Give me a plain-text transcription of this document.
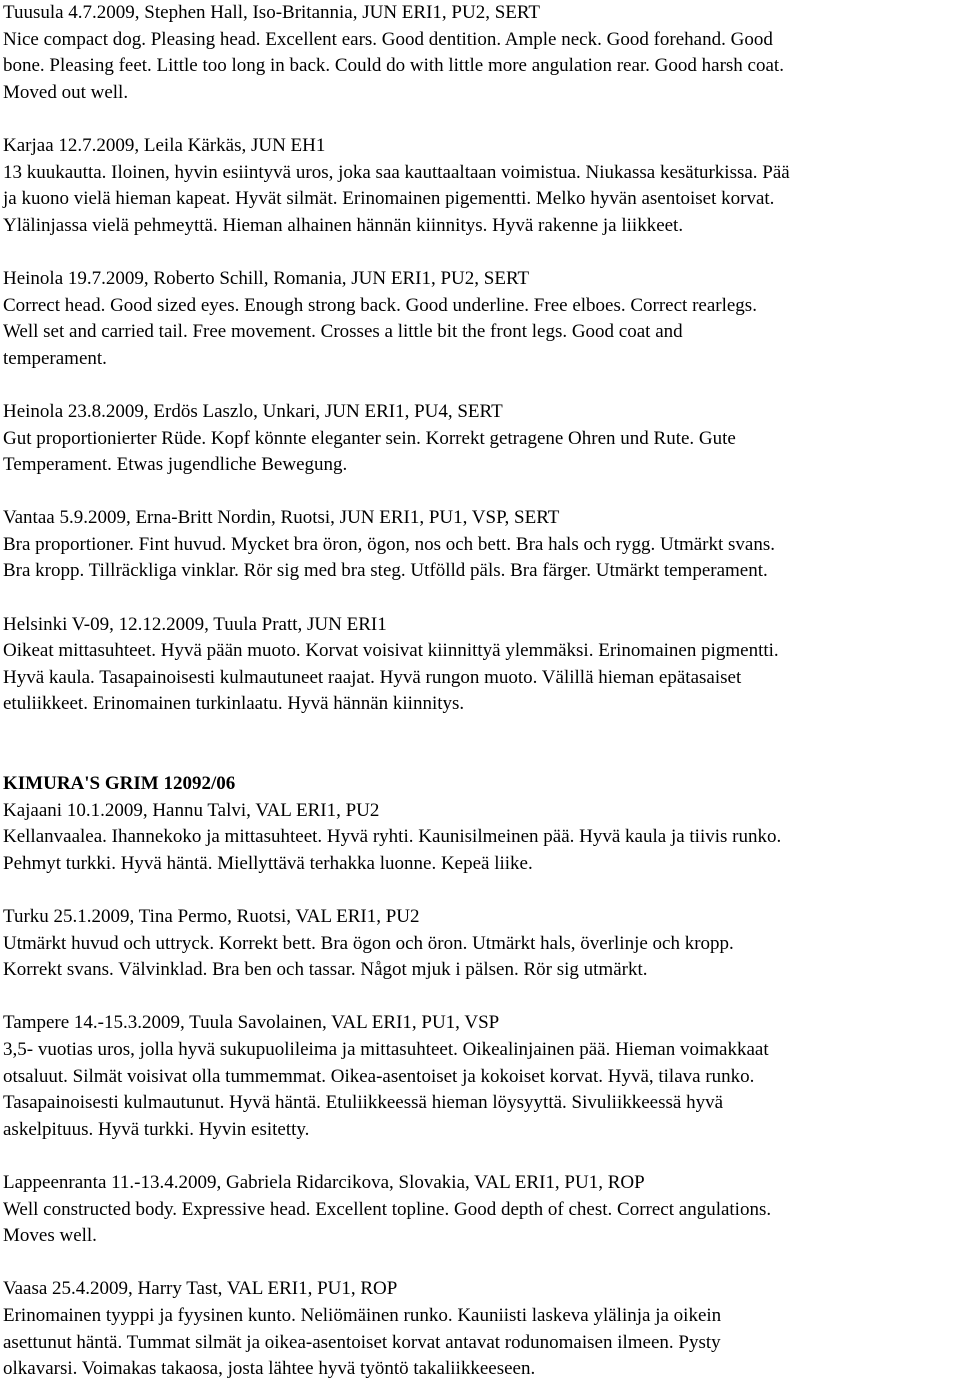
Tuusula 4.7.2009, Stephen Hall, Iso-Britannia, JUN ERI1, PU2, SERT
Nice compact dog. Pleasing head. Excellent ears. Good dentition. Ample neck. Good forehand. Good
bone. Pleasing feet. Little too long in back. Could do with little more angulation rear. Good harsh coat.
Moved out well.
Karjaa 12.7.2009, Leila Kärkäs, JUN EH1
13 kuukautta. Iloinen, hyvin esiintyvä uros, joka saa kauttaaltaan voimistua. Niukassa kesäturkissa. Pää
ja kuono vielä hieman kapeat. Hyvät silmät. Erinomainen pigementti. Melko hyvän asentoiset korvat.
Ylälinjassa vielä pehmeyttä. Hieman alhainen hännän kiinnitys. Hyvä rakenne ja liikkeet.
Heinola 19.7.2009, Roberto Schill, Romania, JUN ERI1, PU2, SERT
Correct head. Good sized eyes. Enough strong back. Good underline. Free elboes. Correct rearlegs.
Well set and carried tail. Free movement. Crosses a little bit the front legs. Good coat and
temperament.
Heinola 23.8.2009, Erdös Laszlo, Unkari, JUN ERI1, PU4, SERT
Gut proportionierter Rüde. Kopf könnte eleganter sein. Korrekt getragene Ohren und Rute. Gute
Temperament. Etwas jugendliche Bewegung.
Vantaa 5.9.2009, Erna-Britt Nordin, Ruotsi, JUN ERI1, PU1, VSP, SERT
Bra proportioner. Fint huvud. Mycket bra öron, ögon, nos och bett. Bra hals och rygg. Utmärkt svans.
Bra kropp. Tillräckliga vinklar. Rör sig med bra steg. Utfölld päls. Bra färger. Utmärkt temperament.
Helsinki V-09, 12.12.2009, Tuula Pratt, JUN ERI1
Oikeat mittasuhteet. Hyvä pään muoto. Korvat voisivat kiinnittyä ylemmäksi. Erinomainen pigmentti.
Hyvä kaula. Tasapainoisesti kulmautuneet raajat. Hyvä rungon muoto. Välillä hieman epätasaiset
etuliikkeet. Erinomainen turkinlaatu. Hyvä hännän kiinnitys.
KIMURA'S GRIM 12092/06
Kajaani 10.1.2009, Hannu Talvi, VAL ERI1, PU2
Kellanvaalea. Ihannekoko ja mittasuhteet. Hyvä ryhti. Kaunisilmeinen pää. Hyvä kaula ja tiivis runko.
Pehmyt turkki. Hyvä häntä. Miellyttävä terhakka luonne. Kepeä liike.
Turku 25.1.2009, Tina Permo, Ruotsi, VAL ERI1, PU2
Utmärkt huvud och uttryck. Korrekt bett. Bra ögon och öron. Utmärkt hals, överlinje och kropp.
Korrekt svans. Välvinklad. Bra ben och tassar. Något mjuk i pälsen. Rör sig utmärkt.
Tampere 14.-15.3.2009, Tuula Savolainen, VAL ERI1, PU1, VSP
3,5- vuotias uros, jolla hyvä sukupuolileima ja mittasuhteet. Oikealinjainen pää. Hieman voimakkaat
otsaluut. Silmät voisivat olla tummemmat. Oikea-asentoiset ja kokoiset korvat. Hyvä, tilava runko.
Tasapainoisesti kulmautunut. Hyvä häntä. Etuliikkeessä hieman löysyyttä. Sivuliikkeessä hyvä
askelpituus. Hyvä turkki. Hyvin esitetty.
Lappeenranta 11.-13.4.2009, Gabriela Ridarcikova, Slovakia, VAL ERI1, PU1, ROP
Well constructed body. Expressive head. Excellent topline. Good depth of chest. Correct angulations.
Moves well.
Vaasa 25.4.2009, Harry Tast, VAL ERI1, PU1, ROP
Erinomainen tyyppi ja fyysinen kunto. Neliömäinen runko. Kauniisti laskeva ylälinja ja oikein
asettunut häntä. Tummat silmät ja oikea-asentoiset korvat antavat rodunomaisen ilmeen. Pysty
olkavarsi. Voimakas takaosa, josta lähtee hyvä työntö takaliikkeeseen.
